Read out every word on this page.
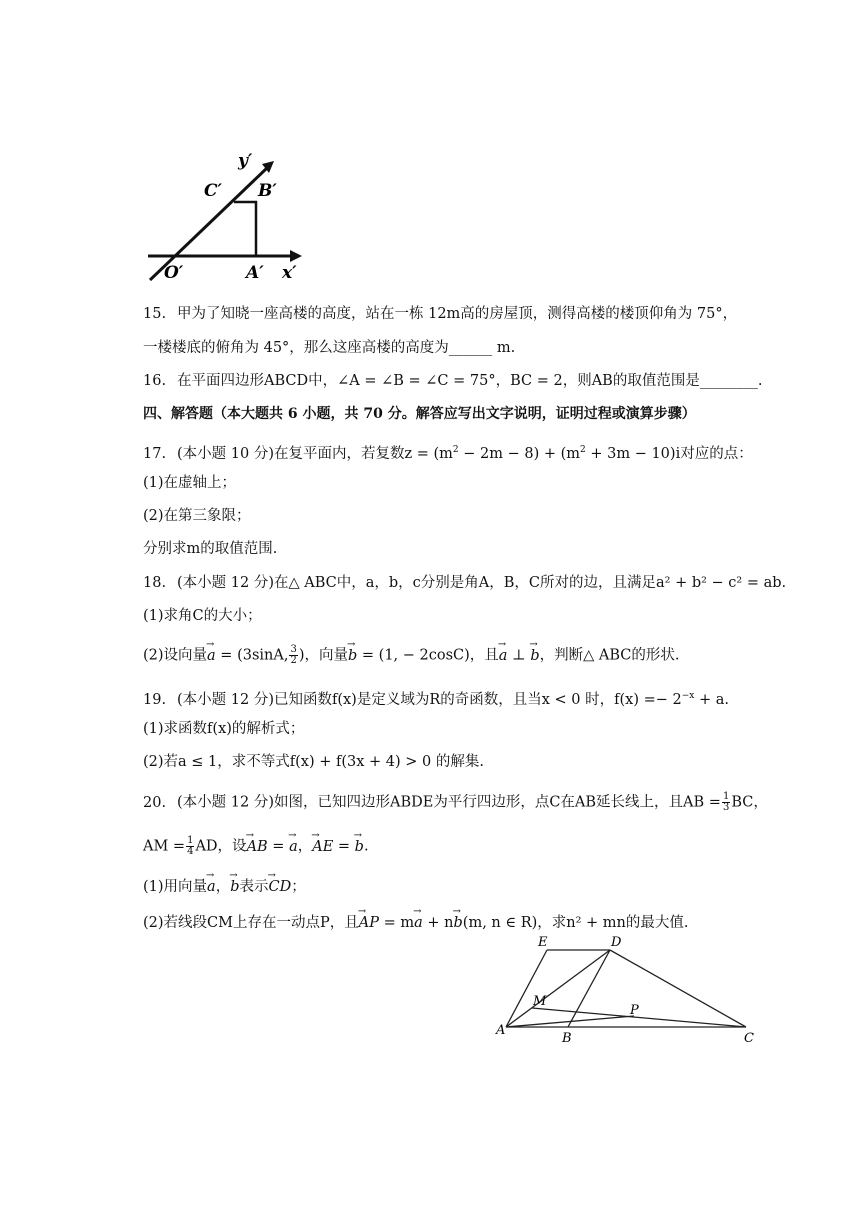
y′
C′ B′
O′	A′ x′
15. 甲为了知晓一座高楼的高度，站在一栋 12m高的房屋顶，测得高楼的楼顶仰角为 75°，
一楼楼底的俯角为 45°，那么这座高楼的高度为______ m.
16. 在平面四边形ABCD中，∠A = ∠B = ∠C = 75°，BC = 2，则AB的取值范围是________.
四、解答题（本大题共 6 小题，共 70 分。解答应写出文字说明，证明过程或演算步骤）
17. (本小题 10 分)在复平面内，若复数$z = (m^2 - 2m - 8) + (m^2 + 3m - 10)i$对应的点：
(1)在虚轴上；
(2)在第三象限；
分别求m的取值范围.
18. (本小题 12 分)在△ ABC中，a，b，c分别是角A，B，C所对的边，且满足a² + b² − c² = ab.
(1)求角C的大小；
(2)设向量→ a = (3sinA, $\frac{3}{2}$ )，向量→ b = (1, − 2cosC)，且→ a ⊥ → b，判断△ ABC的形状.
19. (本小题 12 分)已知函数f(x)是定义域为R的奇函数，且当x < 0 时，$f(x) =- 2^{-x} + a$.
(1)求函数f(x)的解析式；
(2)若a ≤ 1，求不等式f(x) + f(3x + 4) > 0 的解集.
20. (本小题 12 分)如图，已知四边形ABDE为平行四边形，点C在AB延长线上，且AB = $\frac{1}{3}$ BC，
AM = $\frac{1}{4}$ AD，设→ AB = → a，→ AE = → b.
(1)用向量→ a，→ b表示→ CD；
(2)若线段CM上存在一动点P，且→ AP = m→ a + n→ b(m, n ∈ R)，求n² + mn的最大值.
E	D
M
P
A
B	C
